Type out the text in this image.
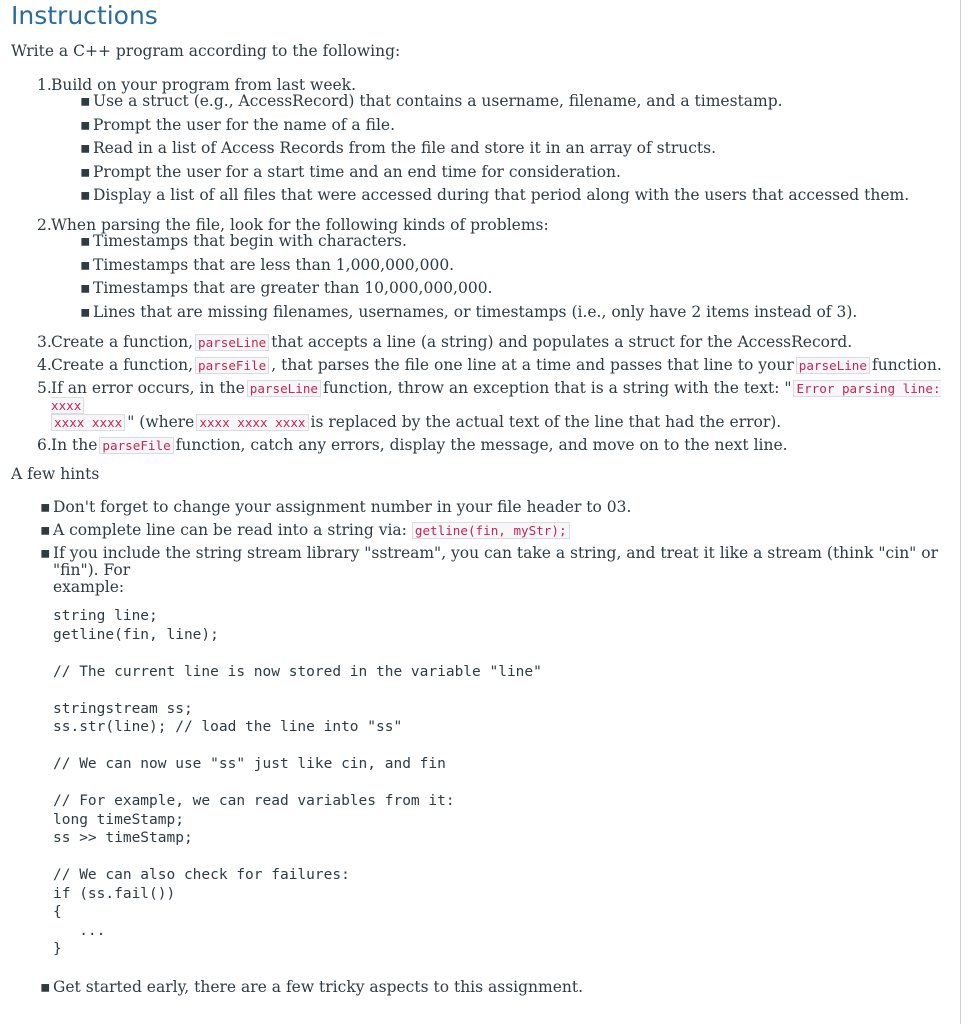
Instructions

Write a C++ program according to the following:

1. Build on your program from last week.
▪ Use a struct (e.g., AccessRecord) that contains a username, filename, and a timestamp.
▪ Prompt the user for the name of a file.
▪ Read in a list of Access Records from the file and store it in an array of structs.
▪ Prompt the user for a start time and an end time for consideration.
▪ Display a list of all files that were accessed during that period along with the users that accessed them.
2. When parsing the file, look for the following kinds of problems:
▪ Timestamps that begin with characters.
▪ Timestamps that are less than 1,000,000,000.
▪ Timestamps that are greater than 10,000,000,000.
▪ Lines that are missing filenames, usernames, or timestamps (i.e., only have 2 items instead of 3).
3. Create a function, parseLine that accepts a line (a string) and populates a struct for the AccessRecord.
4. Create a function, parseFile , that parses the file one line at a time and passes that line to your parseLine function.
5. If an error occurs, in the parseLine function, throw an exception that is a string with the text: " Error parsing line: xxxx
xxxx xxxx " (where xxxx xxxx xxxx is replaced by the actual text of the line that had the error).
6. In the parseFile function, catch any errors, display the message, and move on to the next line.

A few hints

▪ Don't forget to change your assignment number in your file header to 03.
▪ A complete line can be read into a string via: getline(fin, myStr);
▪ If you include the string stream library "sstream", you can take a string, and treat it like a stream (think "cin" or "fin"). For
example:
string line;
getline(fin, line);

// The current line is now stored in the variable "line"

stringstream ss;
ss.str(line); // load the line into "ss"

// We can now use "ss" just like cin, and fin

// For example, we can read variables from it:
long timeStamp;
ss >> timeStamp;

// We can also check for failures:
if (ss.fail())
{
...
}
▪ Get started early, there are a few tricky aspects to this assignment.
